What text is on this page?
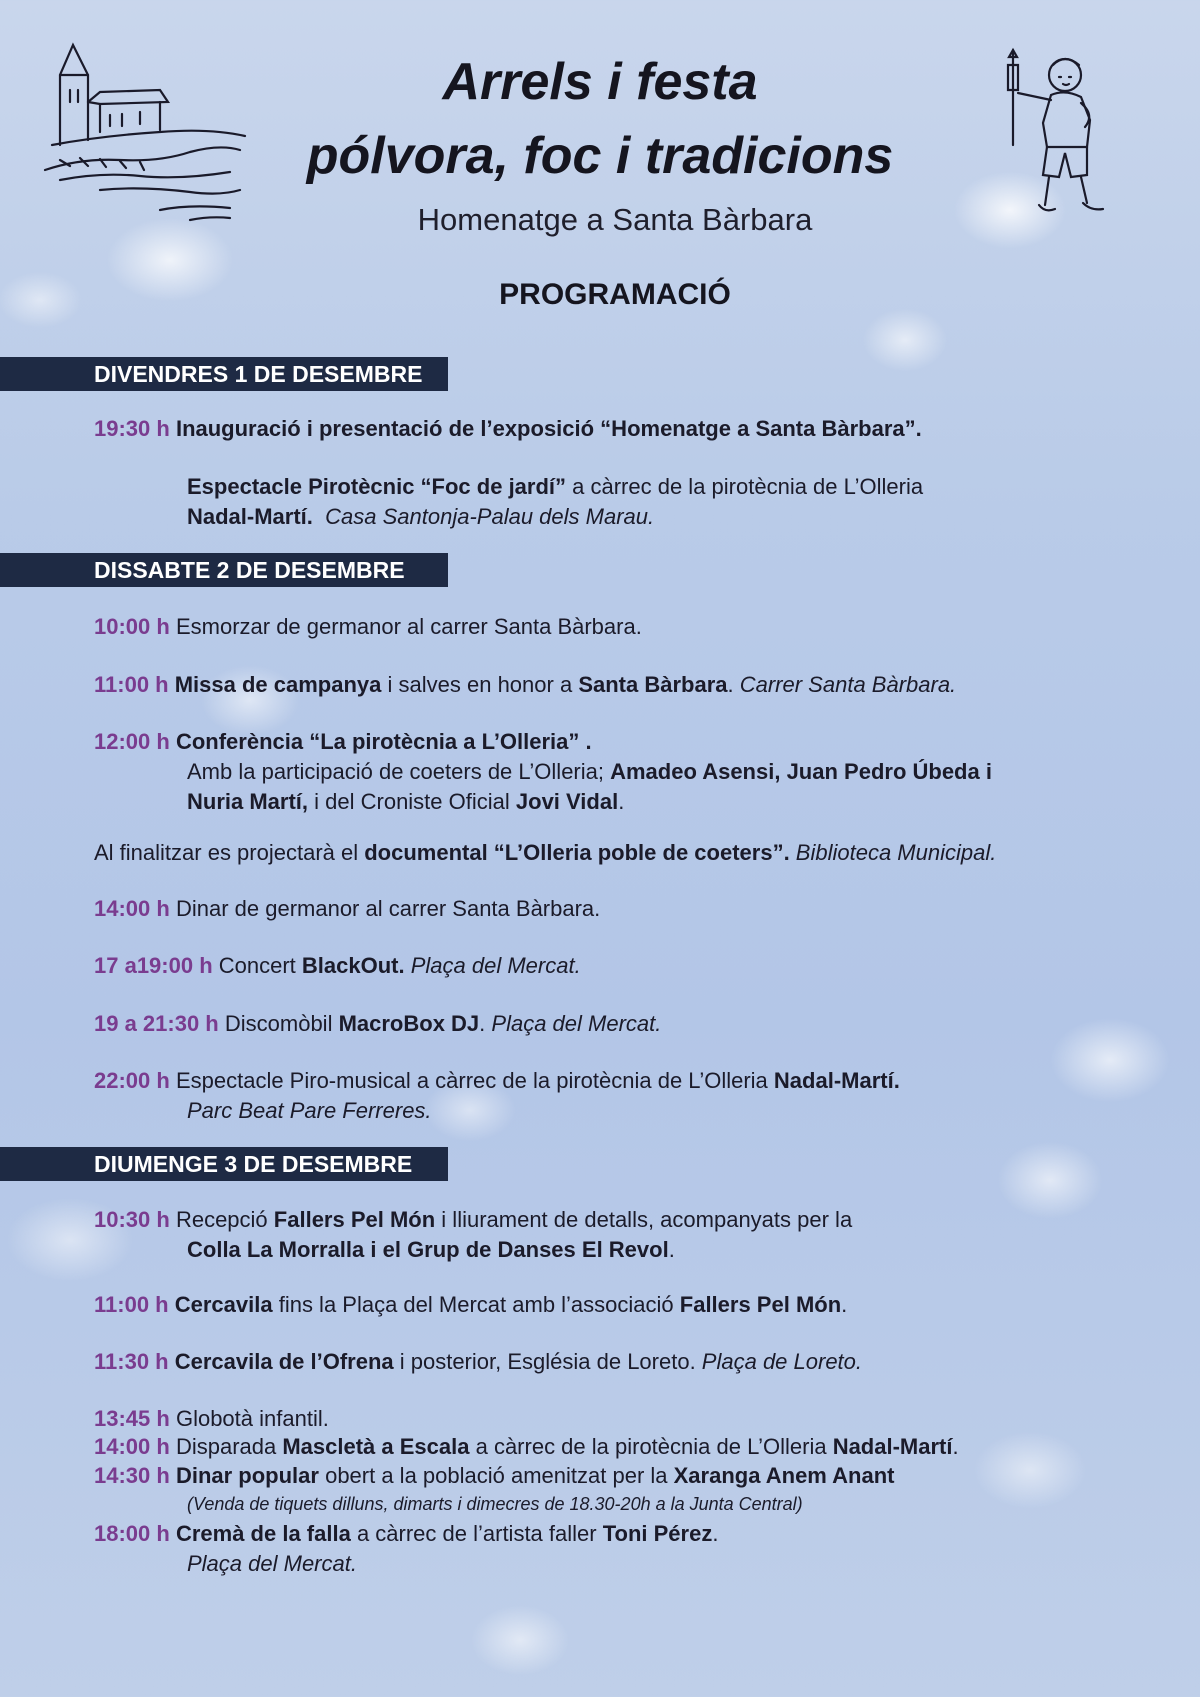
Arrels i festa
pólvora, foc i tradicions
Homenatge a Santa Bàrbara
PROGRAMACIÓ
DIVENDRES 1 DE DESEMBRE
19:30 h Inauguració i presentació de l’exposició “Homenatge a Santa Bàrbara”.
Espectacle Pirotècnic “Foc de jardí” a càrrec de la pirotècnia de L’Olleria
Nadal-Martí. Casa Santonja-Palau dels Marau.
DISSABTE 2 DE DESEMBRE
10:00 h Esmorzar de germanor al carrer Santa Bàrbara.
11:00 h Missa de campanya i salves en honor a Santa Bàrbara. Carrer Santa Bàrbara.
12:00 h Conferència “La pirotècnia a L’Olleria” .
Amb la participació de coeters de L’Olleria; Amadeo Asensi, Juan Pedro Úbeda i
Nuria Martí, i del Croniste Oficial Jovi Vidal.
Al finalitzar es projectarà el documental “L’Olleria poble de coeters”. Biblioteca Municipal.
14:00 h Dinar de germanor al carrer Santa Bàrbara.
17 a19:00 h Concert BlackOut. Plaça del Mercat.
19 a 21:30 h Discomòbil MacroBox DJ. Plaça del Mercat.
22:00 h Espectacle Piro-musical a càrrec de la pirotècnia de L’Olleria Nadal-Martí.
Parc Beat Pare Ferreres.
DIUMENGE 3 DE DESEMBRE
10:30 h Recepció Fallers Pel Món i lliurament de detalls, acompanyats per la
Colla La Morralla i el Grup de Danses El Revol.
11:00 h Cercavila fins la Plaça del Mercat amb l’associació Fallers Pel Món.
11:30 h Cercavila de l’Ofrena i posterior, Església de Loreto. Plaça de Loreto.
13:45 h Globotà infantil.
14:00 h Disparada Mascletà a Escala a càrrec de la pirotècnia de L’Olleria Nadal-Martí.
14:30 h Dinar popular obert a la població amenitzat per la Xaranga Anem Anant
(Venda de tiquets dilluns, dimarts i dimecres de 18.30-20h a la Junta Central)
18:00 h Cremà de la falla a càrrec de l’artista faller Toni Pérez.
Plaça del Mercat.
